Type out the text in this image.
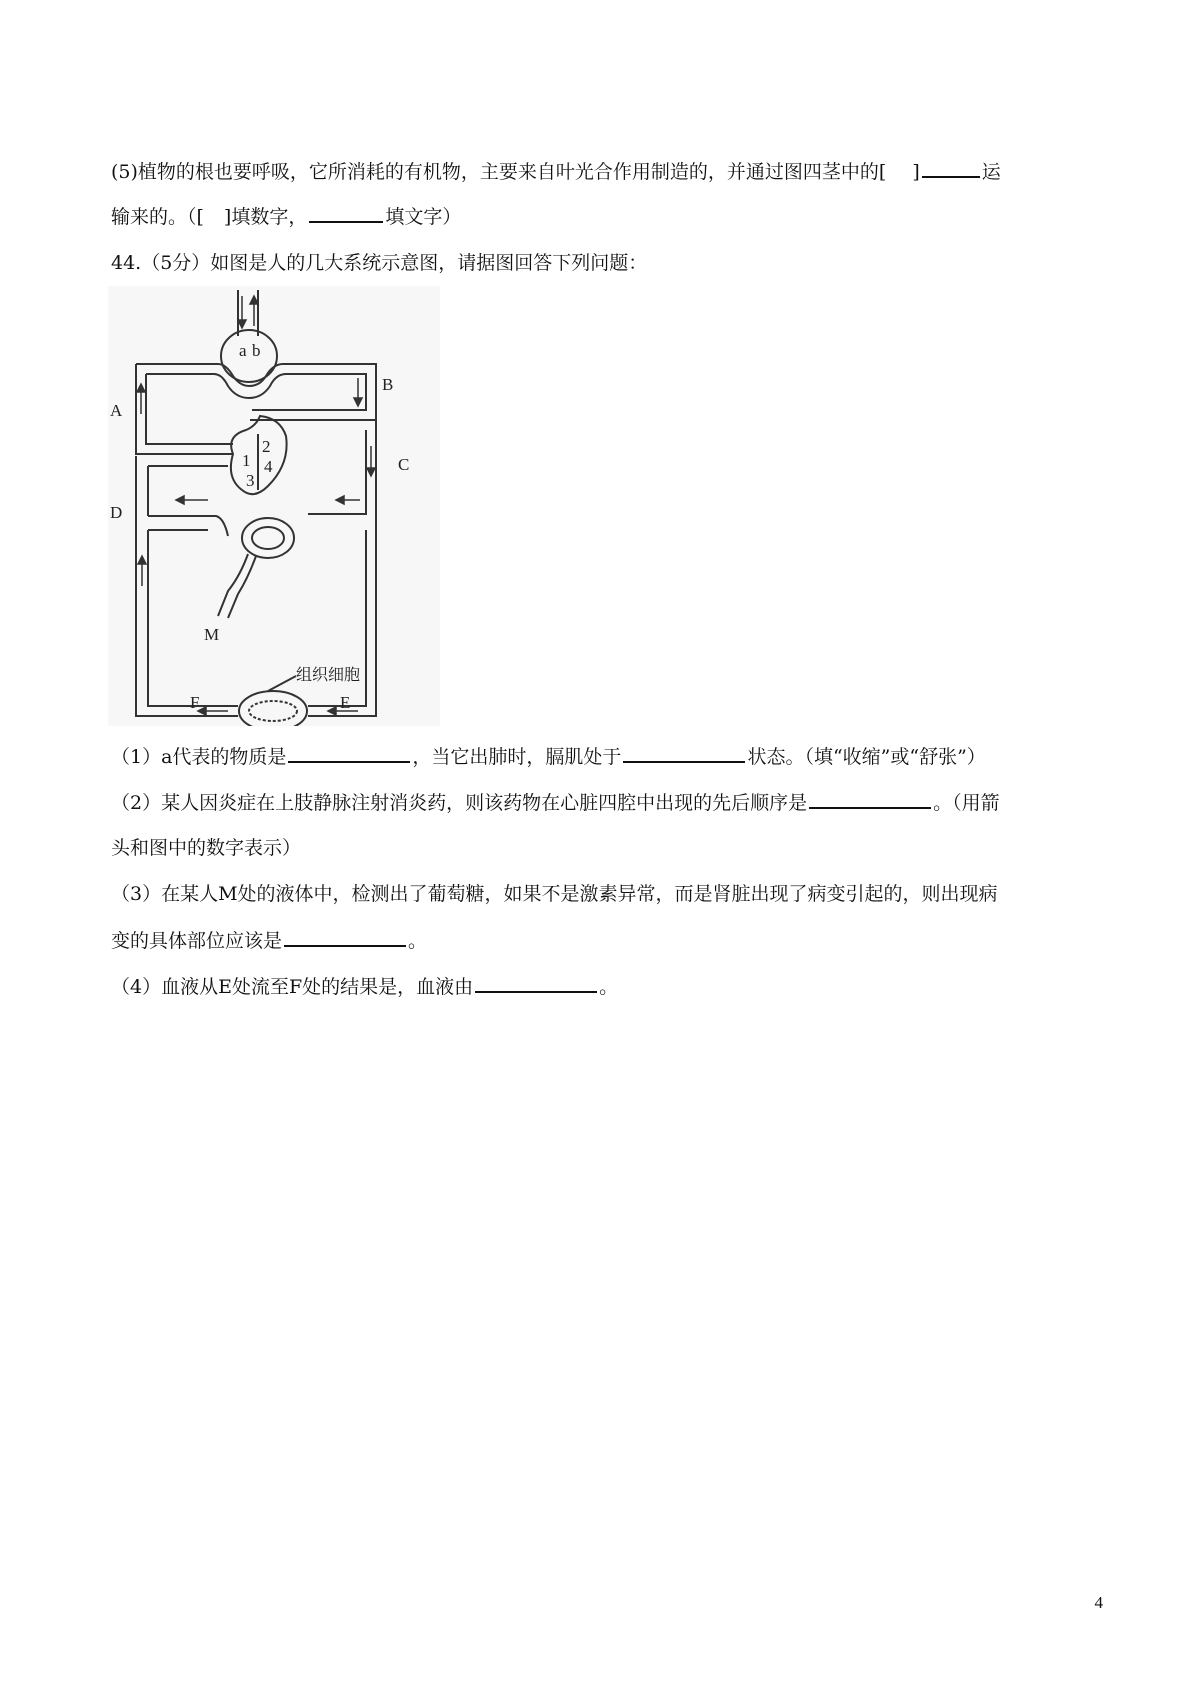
(5)植物的根也要呼吸，它所消耗的有机物，主要来自叶光合作用制造的，并通过图四茎中的[ ]	运
输来的。（[ ]填数字，	填文字）
44.（5分）如图是人的几大系统示意图，请据图回答下列问题：
a b
A
B
C
D
E
F
M
1
2
3
4
组织细胞
（1）a代表的物质是	，当它出肺时，膈肌处于	状态。（填“收缩”或“舒张”）
（2）某人因炎症在上肢静脉注射消炎药，则该药物在心脏四腔中出现的先后顺序是	。（用箭
头和图中的数字表示）
（3）在某人M处的液体中，检测出了葡萄糖，如果不是激素异常，而是肾脏出现了病变引起的，则出现病
变的具体部位应该是	。
（4）血液从E处流至F处的结果是，血液由	。
4
